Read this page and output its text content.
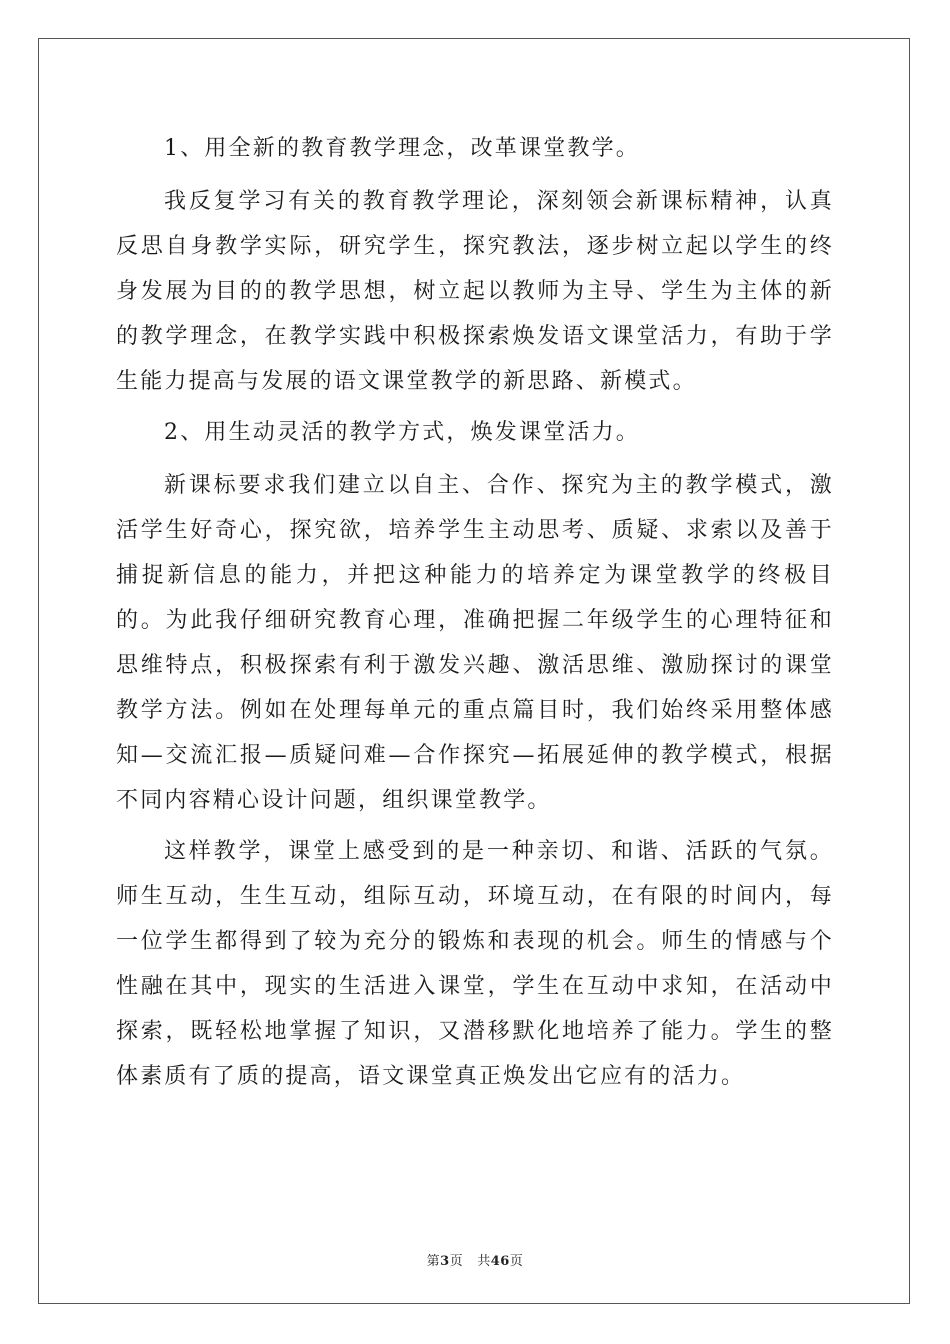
1、用全新的教育教学理念，改革课堂教学。

我反复学习有关的教育教学理论，深刻领会新课标精神，认真反思自身教学实际，研究学生，探究教法，逐步树立起以学生的终身发展为目的的教学思想，树立起以教师为主导、学生为主体的新的教学理念，在教学实践中积极探索焕发语文课堂活力，有助于学生能力提高与发展的语文课堂教学的新思路、新模式。

2、用生动灵活的教学方式，焕发课堂活力。

新课标要求我们建立以自主、合作、探究为主的教学模式，激活学生好奇心，探究欲，培养学生主动思考、质疑、求索以及善于捕捉新信息的能力，并把这种能力的培养定为课堂教学的终极目的。为此我仔细研究教育心理，准确把握二年级学生的心理特征和思维特点，积极探索有利于激发兴趣、激活思维、激励探讨的课堂教学方法。例如在处理每单元的重点篇目时，我们始终采用整体感知—交流汇报—质疑问难—合作探究—拓展延伸的教学模式，根据不同内容精心设计问题，组织课堂教学。

这样教学，课堂上感受到的是一种亲切、和谐、活跃的气氛。师生互动，生生互动，组际互动，环境互动，在有限的时间内，每一位学生都得到了较为充分的锻炼和表现的机会。师生的情感与个性融在其中，现实的生活进入课堂，学生在互动中求知，在活动中探索，既轻松地掌握了知识，又潜移默化地培养了能力。学生的整体素质有了质的提高，语文课堂真正焕发出它应有的活力。

第3页 共46页
